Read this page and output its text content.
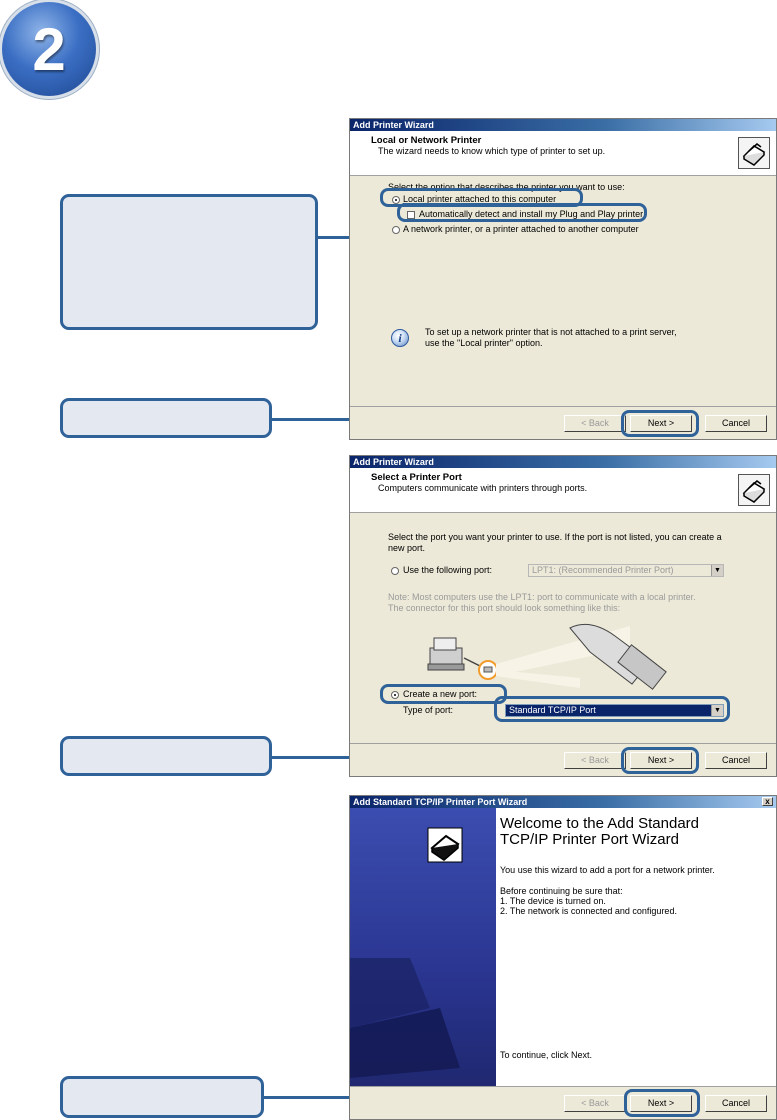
2
Add Printer Wizard
Local or Network Printer
The wizard needs to know which type of printer to set up.
Select the option that describes the printer you want to use:
Local printer attached to this computer
Automatically detect and install my Plug and Play printer
A network printer, or a printer attached to another computer
i	To set up a network printer that is not attached to a print server,
use the "Local printer" option.
< Back	Next >	Cancel
Add Printer Wizard
Select a Printer Port
Computers communicate with printers through ports.
Select the port you want your printer to use. If the port is not listed, you can create a
new port.
Use the following port:	LPT1: (Recommended Printer Port)	▼
Note: Most computers use the LPT1: port to communicate with a local printer.
The connector for this port should look something like this:
Create a new port:
Type of port:	Standard TCP/IP Port	▼
< Back	Next >	Cancel
Add Standard TCP/IP Printer Port Wizard	x
Welcome to the Add Standard
TCP/IP Printer Port Wizard
You use this wizard to add a port for a network printer.
Before continuing be sure that:
1. The device is turned on.
2. The network is connected and configured.
To continue, click Next.
< Back	Next >	Cancel
